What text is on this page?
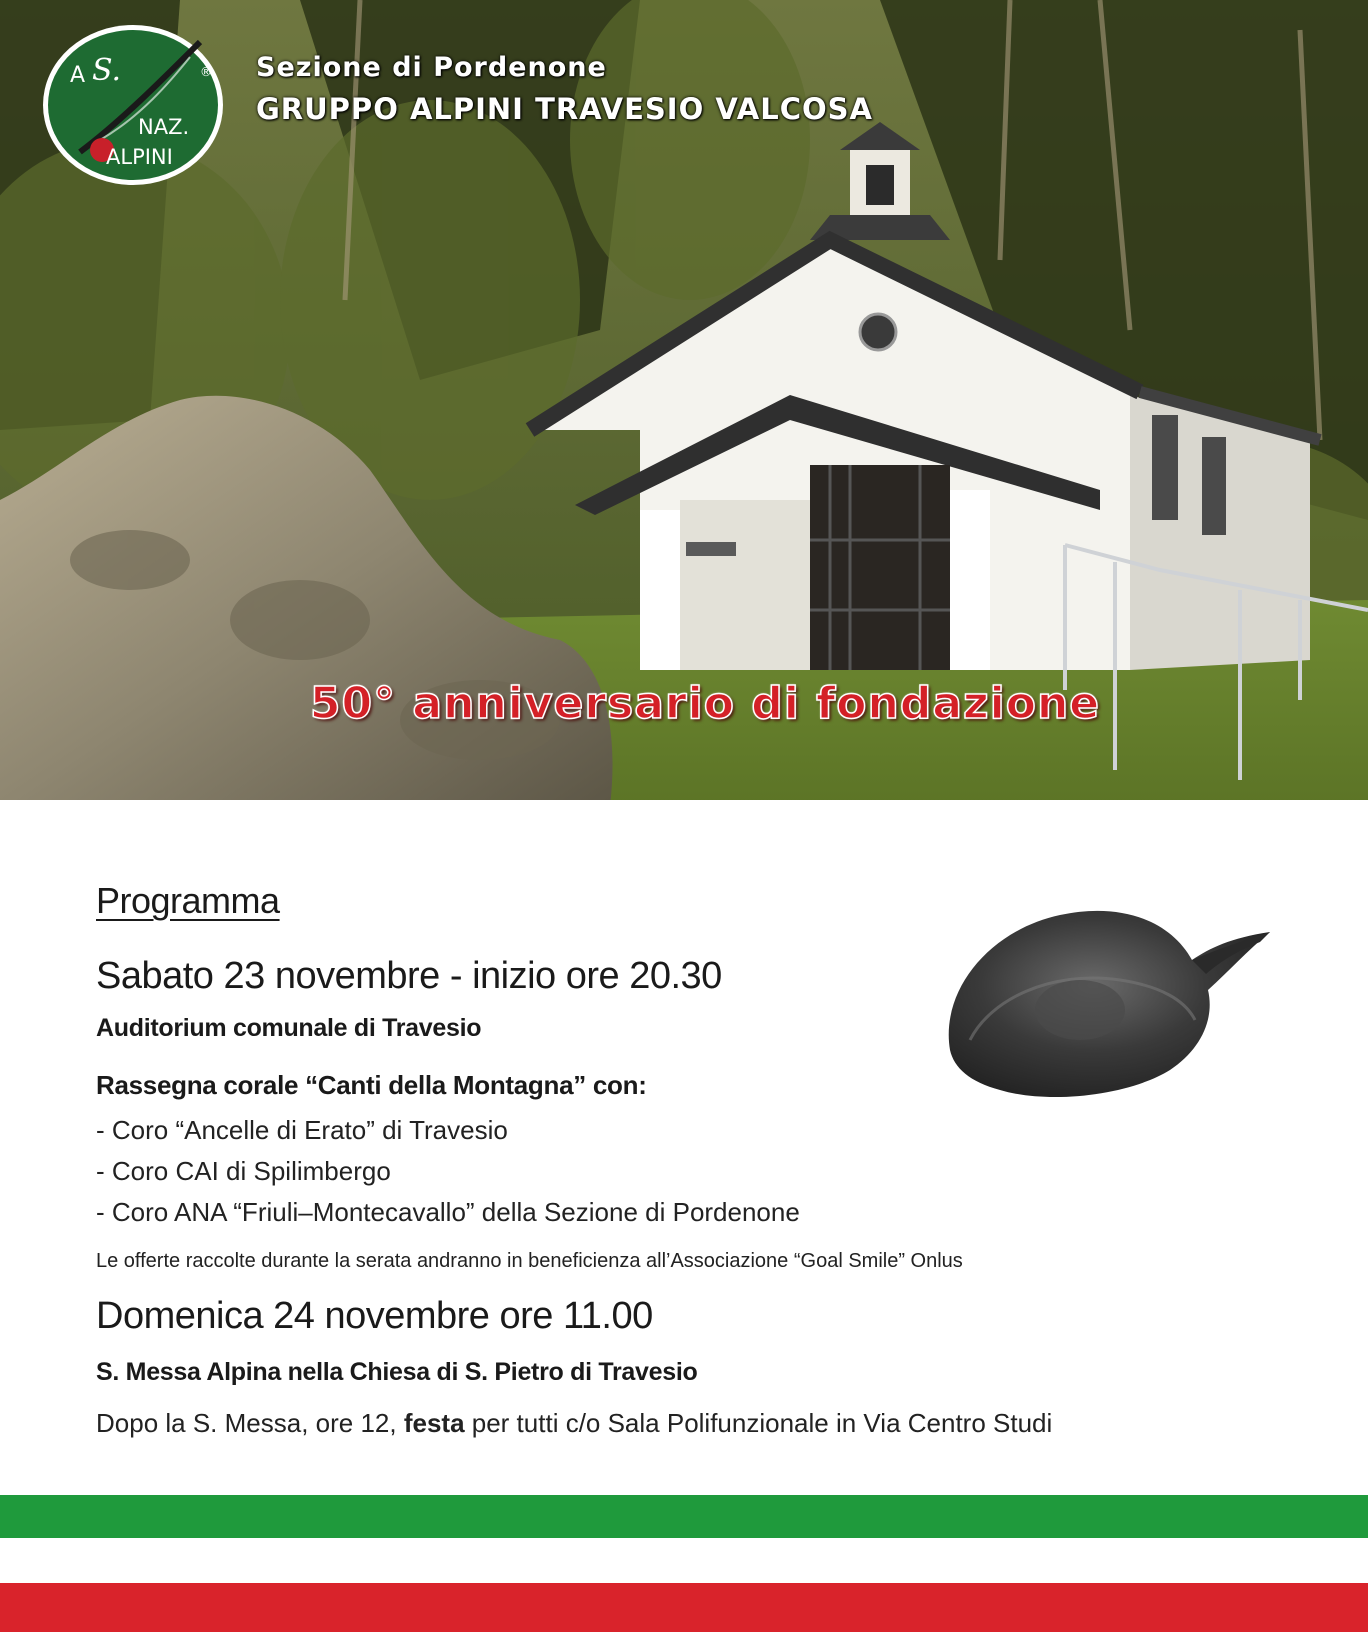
A S.
NAZ.
ALPINI
® Sezione di Pordenone
GRUPPO ALPINI TRAVESIO VALCOSA
50° anniversario di fondazione
Programma
Sabato 23 novembre - inizio ore 20.30
Auditorium comunale di Travesio
Rassegna corale “Canti della Montagna” con:
- Coro “Ancelle di Erato” di Travesio
- Coro CAI di Spilimbergo
- Coro ANA “Friuli–Montecavallo” della Sezione di Pordenone
Le offerte raccolte durante la serata andranno in beneficienza all’Associazione “Goal Smile” Onlus
Domenica 24 novembre ore 11.00
S. Messa Alpina nella Chiesa di S. Pietro di Travesio
Dopo la S. Messa, ore 12, festa per tutti c/o Sala Polifunzionale in Via Centro Studi
